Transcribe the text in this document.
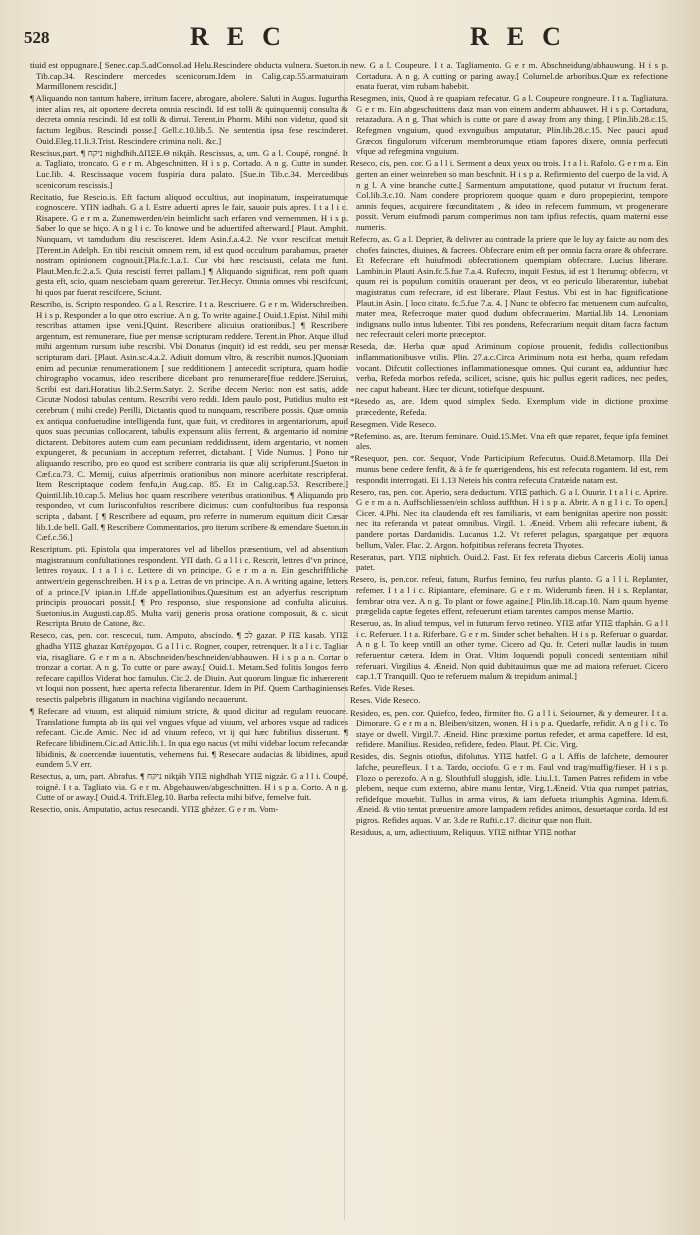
528	REC	REC

tiuid est oppugnare.[ Senec.cap.5.adConsol.ad Helu.Rescindere obducta vulnera. Sueton.in Tib.cap.34. Rescindere mercedes scenicorum.Idem in Calig.cap.55.armatuiram Marmillonem rescidit.]

¶ Aliquando non tantum habere, irritum facere, abrogare, abolere. Saluti in Augus. Iugurtha inter alias res, ait oportere decreta omnia rescindi. Id est tolli & quinquennij consulta & decreta omnia rescindi. Id est tolli & dirrui. Terent.in Phorm. Mihi non videtur, quod sit factum legibus. Rescindi posse.[ Gell.c.10.lib.5. Ne sententia ipsa fese rescinderet. Ouid.Eleg.11.li.3.Trist. Rescindere crimina noli. &c.]

Rescisus,part. ¶ ניקח nighdhih.ΔΠΞΕ.Θ nikţáh. Rescissus, a, um. G a l. Coupé, rongné. It a. Tagliato, troncato. G e r m. Abgeschnitten. H i s p. Cortado. A n g. Cutte in sunder. Luc.lib. 4. Rescissaque vocem fuspiria dura palato. [Sue.in Tib.c.34. Mercedibus scenicorum rescissis.]

Recitatio, fue Rescio.is. Eft factum aliquod occultius, aut inopinatum, inspeiratumque cognoscere. ΥΠΝ iadhah. G a l. Estre aduerti apres le fair, sauoir puis apres. I t a l i c. Risapere. G e r m a. Zunemwerden/ein heimlicht sach erfaren vnd vernemmen. H i s p. Saber lo que se hiço. A n g l i c. To knowe und be aduertifed afterward.[ Plaut. Amphit. Nunquam, vt tamdudum diu rescisceret. Idem Asin.f.a.4.2. Ne vxor rescifcat metuit ]Terent.in Adelph. En tibi rescisit omnem rem, id est quod occultum parabamus, praeter nostram opinionem cognouit.[Pla.fc.1.a.1. Cur vbi hæc rescisusti, celata me funt. Plaut.Men.fc.2.a.5. Quia rescisti ferret pallam.] ¶ Aliquando significat, rem poft quam gesta eft, scio, quam nesciebam quam gereretur. Ter.Hecyr. Omnia omnes vbi rescifcunt, hi quos par fuerat rescifcere, Sciunt.

Rescribo, is. Scripto respondeo. G a l. Rescrire. I t a. Rescriuere. G e r m. Widerschreiben. H i s p. Responder a lo que otro escriue. A n g. To write againe.[ Ouid.1.Epist. Nihil mihi rescribas attamen ipse veni.[Quint. Rescribere alicuius orationibus.] ¶ Rescribere argentum, est remunerare, fiue per mensæ scripturam reddere. Terent.in Phor. Atque illud mihi argentum rursum iube rescribi. Vbi Donatus (inquit) id est reddi, seu per mensæ scripturam dari. [Plaut. Asin.sc.4.a.2. Adiuit domum vltro, & rescribit numos.]Quoniam enim ad pecuniæ renumerationem [ sue redditionem ] antecedit scriptura, quam hodie chirographo vocamus, ideo rescribere dicebant pro renumerare[fiue reddere.]Seruius, Scribi est dari.Horatius lib.2.Serm.Satyr. 2. Scribe decem Nerio: non est satis, adde Cicutæ Nodosi tabulas centum. Rescribi vero reddi. Idem paulo post, Putidius multo est cerebrum ( mihi crede) Perilli, Dictantis quod tu nunquam, rescribere possis. Quæ omnia ex antiqua confuetudine intelligenda funt, quæ fuit, vt creditores in argentariorum, apud quos suas pecunias collocarent, tabulis expensum aliis ferrent, & argentario id nomine dictarent. Debitores autem cum eam pecuniam reddidissent, idem argentario, vt nomen expungeret, & pecuniam in acceptum referret, dictabant. [ Vide Numus. ] Pono tur aliquando rescribo, pro eo quod est scribere contraria iis quæ alij scripferunt.[Sueton in Cæf.ca.73. C. Memij, cuius afperrimis orationibus non minore acerbitate rescripferat. Item Rescriptaque codem fenfu,in Aug.cap. 85. Et in Calig.cap.53. Rescribere.] Quintil.lib.10.cap.5. Melius hoc quam rescribere veteribus orationibus. ¶ Aliquando pro respondeo, vt cum Iurisconfultos rescribere dicimus: cum confultoribus fua responsa scripta , dabant. [ ¶ Rescribere ad equum, pro referre in numerum equitum dicit Cæsar lib.1.de bell. Gall. ¶ Rescribere Commentarios, pro iterum scribere & emendare Sueton.in Cæf.c.56.]

Rescriptum. pti. Epistola qua imperatores vel ad libellos præsentium, vel ad absentium magistratuum confultationes respondent. ΥΠ dath. G a l l i c. Rescrit, lettres d’vn prince, lettres royaux. I t a l i c. Lettere di vn principe. G e r m a n. Ein geschrifftliche antwert/ein gegenschreiben. H i s p a. Letras de vn principe. A n. A writing againe, letters of a prince.[V ipian.in l.ff.de appellationibus.Quæsitum est an adyerfus rescriptum principis prouocari possit.[ ¶ Pro responso, siue responsione ad confulta alicuius. Suetonius.in Augusti.cap.85. Multa varij generis prosa oratione composuit, & c. sicut Rescripta Bruto de Catone, &c.

Reseco, cas, pen. cor. rescecui, tum. Amputo, abscindo. ¶ לכ gazar. P ΠΞ kasab. ΥΠΞ ghadha ΥΠΞ ghazaz Κατέρχομαι. G a l l i c. Rogner, couper, retrenquer. It a l i c. Tagliar via, risagliare. G e r m a n. Abschneiden/beschneiden/abhauwen. H i s p a n. Cortar o tronzar a cortar. A n g. To cutte or pare away.[ Ouid.1. Metam.Sed folitis longos ferro refecare capillos Viderat hoc famulus. Cic.2. de Diuin. Aut quorum linguæ fic inhærerent vt loqui non possent, hæc aperta refecta liberarentur. Idem in Pif. Quem Carthaginienses resectis palpebris illigatum in machina vigilando necauerunt.

¶ Refecare ad viuum, est aliquid nimium stricte, & quod dicitur ad regulam reuocare. Translatione fumpta ab iis qui vel vngues vfque ad viuum, vel arbores vsque ad radices refecant. Cic.de Amic. Nec id ad viuum refeco, vt ij qui hæc fubtilius disserunt. ¶ Refecare libidinem.Cic.ad Attic.lib.1. In qua ego nacus (vt mihi videbar locum refecandæ libidinis, & coercendæ iuuentutis, vehemens fui. ¶ Resecare audacias & libidines, apud eundem 5.V err.

Resectus, a, um, part. Abrafus. ¶ ניקח nikţáh ΥΠΞ nighdhah ΥΠΞ nigzár. G a l l i. Coupé, roigné. I t a. Tagliato via. G e r m. Abgehauwen/abgeschnitten. H i s p a. Corto. A n g. Cutte of or away.[ Ouid.4. Trift.Eleg.10. Barba refecta mihi bifve, femelve fuit.

Resectio, onis. Amputatio, actus resecandi. ΥΠΞ ghézer. G e r m. Vom-

new. G a l. Coupeure. I t a. Tagliamento. G e r m. Abschneidung/abhauwung. H i s p. Cortadura. A n g. A cutting or paring away.[ Columel.de arboribus.Quæ ex refectione enata fuerat, vim rubam habebit.

Resegmen, inis, Quod à re quapiam refecatur. G a l. Coupeure rongneure. I t a. Tagliatura. G e r m. Ein abgeschnittens dasz man von einem anderm abhauwet. H i s p. Cortadura, retazadura. A n g. That which is cutte or pare d away from any thing. [ Plin.lib.28.c.15. Refegmen vnguium, quod exvnguibus amputatur, Plin.lib.28.c.15. Nec pauci apud Græcos fingulorum vifcerum membrorumque etiam fapores dixere, omnia perfecuti vfque ad refegmina vnguium.

Reseco, cis, pen. cor. G a l l i. Serment a deux yeux ou trois. I t a l i. Rafolo. G e r m a. Ein gerten an einer weinreben so man beschnit. H i s p a. Refirmiento del cuerpo de la vid. A n g l. A vine branche cutte.[ Sarmentum amputatione, quod putatur vt fructum ferat. Col.lib.3.c.10. Nam condere propriorem quoque quam e duro propepierint, tempore amnis feques, acquirere fœcunditatem , & ideo in refecem fummum, vt progenerare possit. Verum eiufmodi parum comperimus non tam ipfius refectis, quam materni esse numeris.

Refecro, as. G a l. Deprier, & delivrer au contrade la priere que le luy ay faicte au nom des chofes fainctes, diuines, & facrees. Obfecrare enim eft per omnia facra orare & obfecrare. Et Refecrare eft huiufmodi obfecrationem quempiam obfecrare. Lucius liberare. Lambin.in Plauti Asin.fc.5.fue 7.a.4. Rufecro, inquit Festus, id est 1 Iterumq; obfecro, vt quum rei is populum comitiis orauerant per deos, vt eo periculo liberarentur, iubebat magistratus cum refecrare, id est liberare. Plaut Festus. Vbi est in hac fignificatione Plaut.in Asin. [ loco citato. fc.5.fue 7.a. 4. ] Nunc te obfecro fac metuenem cum aufculto, mater mea, Refecroque mater quod dudum obfecrauerim. Martial.lib 14. Lenoniam indignans nullo intus lubenter. Tibi res pondens, Refecrarium nequit ditam facra factum nec refecrauit celeri morte præceptor.

Reseda, dæ. Herba quæ apud Ariminum copiose prouenit, fedidis collectionibus inflammationibusve vtilis. Plin. 27.a.c.Circa Ariminum nota est herba, quam refedam vocant. Difcutit collectiones inflammationesque omnes. Qui curant ea, adduntiur hæc verba, Refeda morbos refeda, scilicet, scisne, quis hic pullus egerit radices, nec pedes, nec caput habeant. Hæc ter dicunt, totiefque despuunt.

*Resedo as, are. Idem quod simplex Sedo. Exemplum vide in dictione proxime præcedente, Refeda.

Resegmen. Vide Reseco.

*Refemino. as, are. Iterum feminare. Ouid.15.Met. Vna eft quæ reparet, feque ipfa feminet ales.

*Resequor, pen. cor. Sequor, Vnde Participium Refecutus. Ouid.8.Metamorp. Illa Dei munus bene cedere fenfit, & à fe fe quærigendens, his est refecuta rogantem. Id est, rem respondit interrogati. Ei 1.13 Neteis his contra refecuta Cratæide natam est.

Resero, ras, pen. cor. Aperio, sera deductum. ΥΠΞ pathich. G a l. Ouurir. I t a l i c. Aprire. G e r m a n. Auffschliessen/ein schloss auffthun. H i s p a. Abrir. A n g l i c. To open.[ Cicer. 4.Phi. Nec ita claudenda eft res familiaris, vt eam benignitas aperire non possit: nec ita referanda vt pateat omnibus. Virgil. 1. Æneid. Vrbem alii refecare iubent, & pandere portas Dardanidis. Lucanus 1.2. Vt referet pelagus, spargatque per æquora bellum, Valer. Flac. 2. Argon. hofpitibus referans fecreta Thyotes.

Reseratus, part. ΥΠΞ niphtich. Ouid.2. Fast. Et fex referata diebus Carceris Æolij ianua patet.

Resero, is, pen.cor. refeui, fatum, Rurfus femino, feu rurfus planto. G a l l i. Replanter, refemer. I t a l i c. Ripiantare, efeminare. G e r m. Widerumb fæen. H i s. Replantar, fembrar otra vez. A n g. To plant or fowe againe.[ Plin.lib.18.cap.10. Nam quum hyeme prægelida captæ fegetes effent, refeuerunt etiam tarentes campos mense Martio.

Reseruo, as. In aliud tempus, vel in futurum fervo retineo. ΥΠΞ atfar ΥΠΞ tfaphán. G a l l i c. Referuer. I t a. Riferbare. G e r m. Sinder schet behalten. H i s p. Referuar o guardar. A n g l. To keep vntill an other tyme. Cicero ad Qu. fr. Ceteri nullæ laudis in tuum referuentur cætera. Idem in Orat. Vltim loquendi populi concedi sententiam nihil referuari. Virgilius 4. Æneid. Non quid dubitauimus quæ me ad maiora referuet. Cicero cap.1.T Tranquill. Quo te referuem malum & trepidum animal.]

Refes. Vide Reses.

Reses. Vide Reseco.

Resideo, es, pen. cor. Quiefco, fedeo, firmiter fto. G a l l i. Seiourner, & y demeurer. I t a. Dimorare. G e r m a n. Bleiben/sitzen, wonen. H i s p a. Quedarfe, refidir. A n g l i c. To staye or dwell. Virgil.7. Æneid. Hinc præxime portus refeder, et arma capeffere. Id est, refidere. Manilius. Resideo, refidere, fedeo. Plaut. Pf. Cic. Virg.

Resides, dis. Segnis otiofus, difolutus. ΥΠΞ hatfel. G a l. Affis de lafchete, demourer lafche, peurefleux. I t a. Tardo, occiofo. G e r m. Faul vnd trag/muffig/fieser. H i s p. Flozo o perezofo. A n g. Slouthfull sluggish, idle. Liu.l.1. Tamen Patres refidem in vrbe plebem, neque cum externo, abire manu lentæ, Virg.1.Æneid. Vtia qua rumpet patrias, refidefque mouebit. Tullus in arma viros, & iam defueta triumphis Agmina. Idem.6. Æneid. & vtio tentat præuenire amore lampadem refides animos, desuetaque corda. Id est pigros. Refides aquas. V ar. 3.de re Rufti.c.17. dicitur quæ non fluit.

Residuus, a, um, adiectiuum, Reliquus. ΥΠΞ nifhtar ΥΠΞ nothar
